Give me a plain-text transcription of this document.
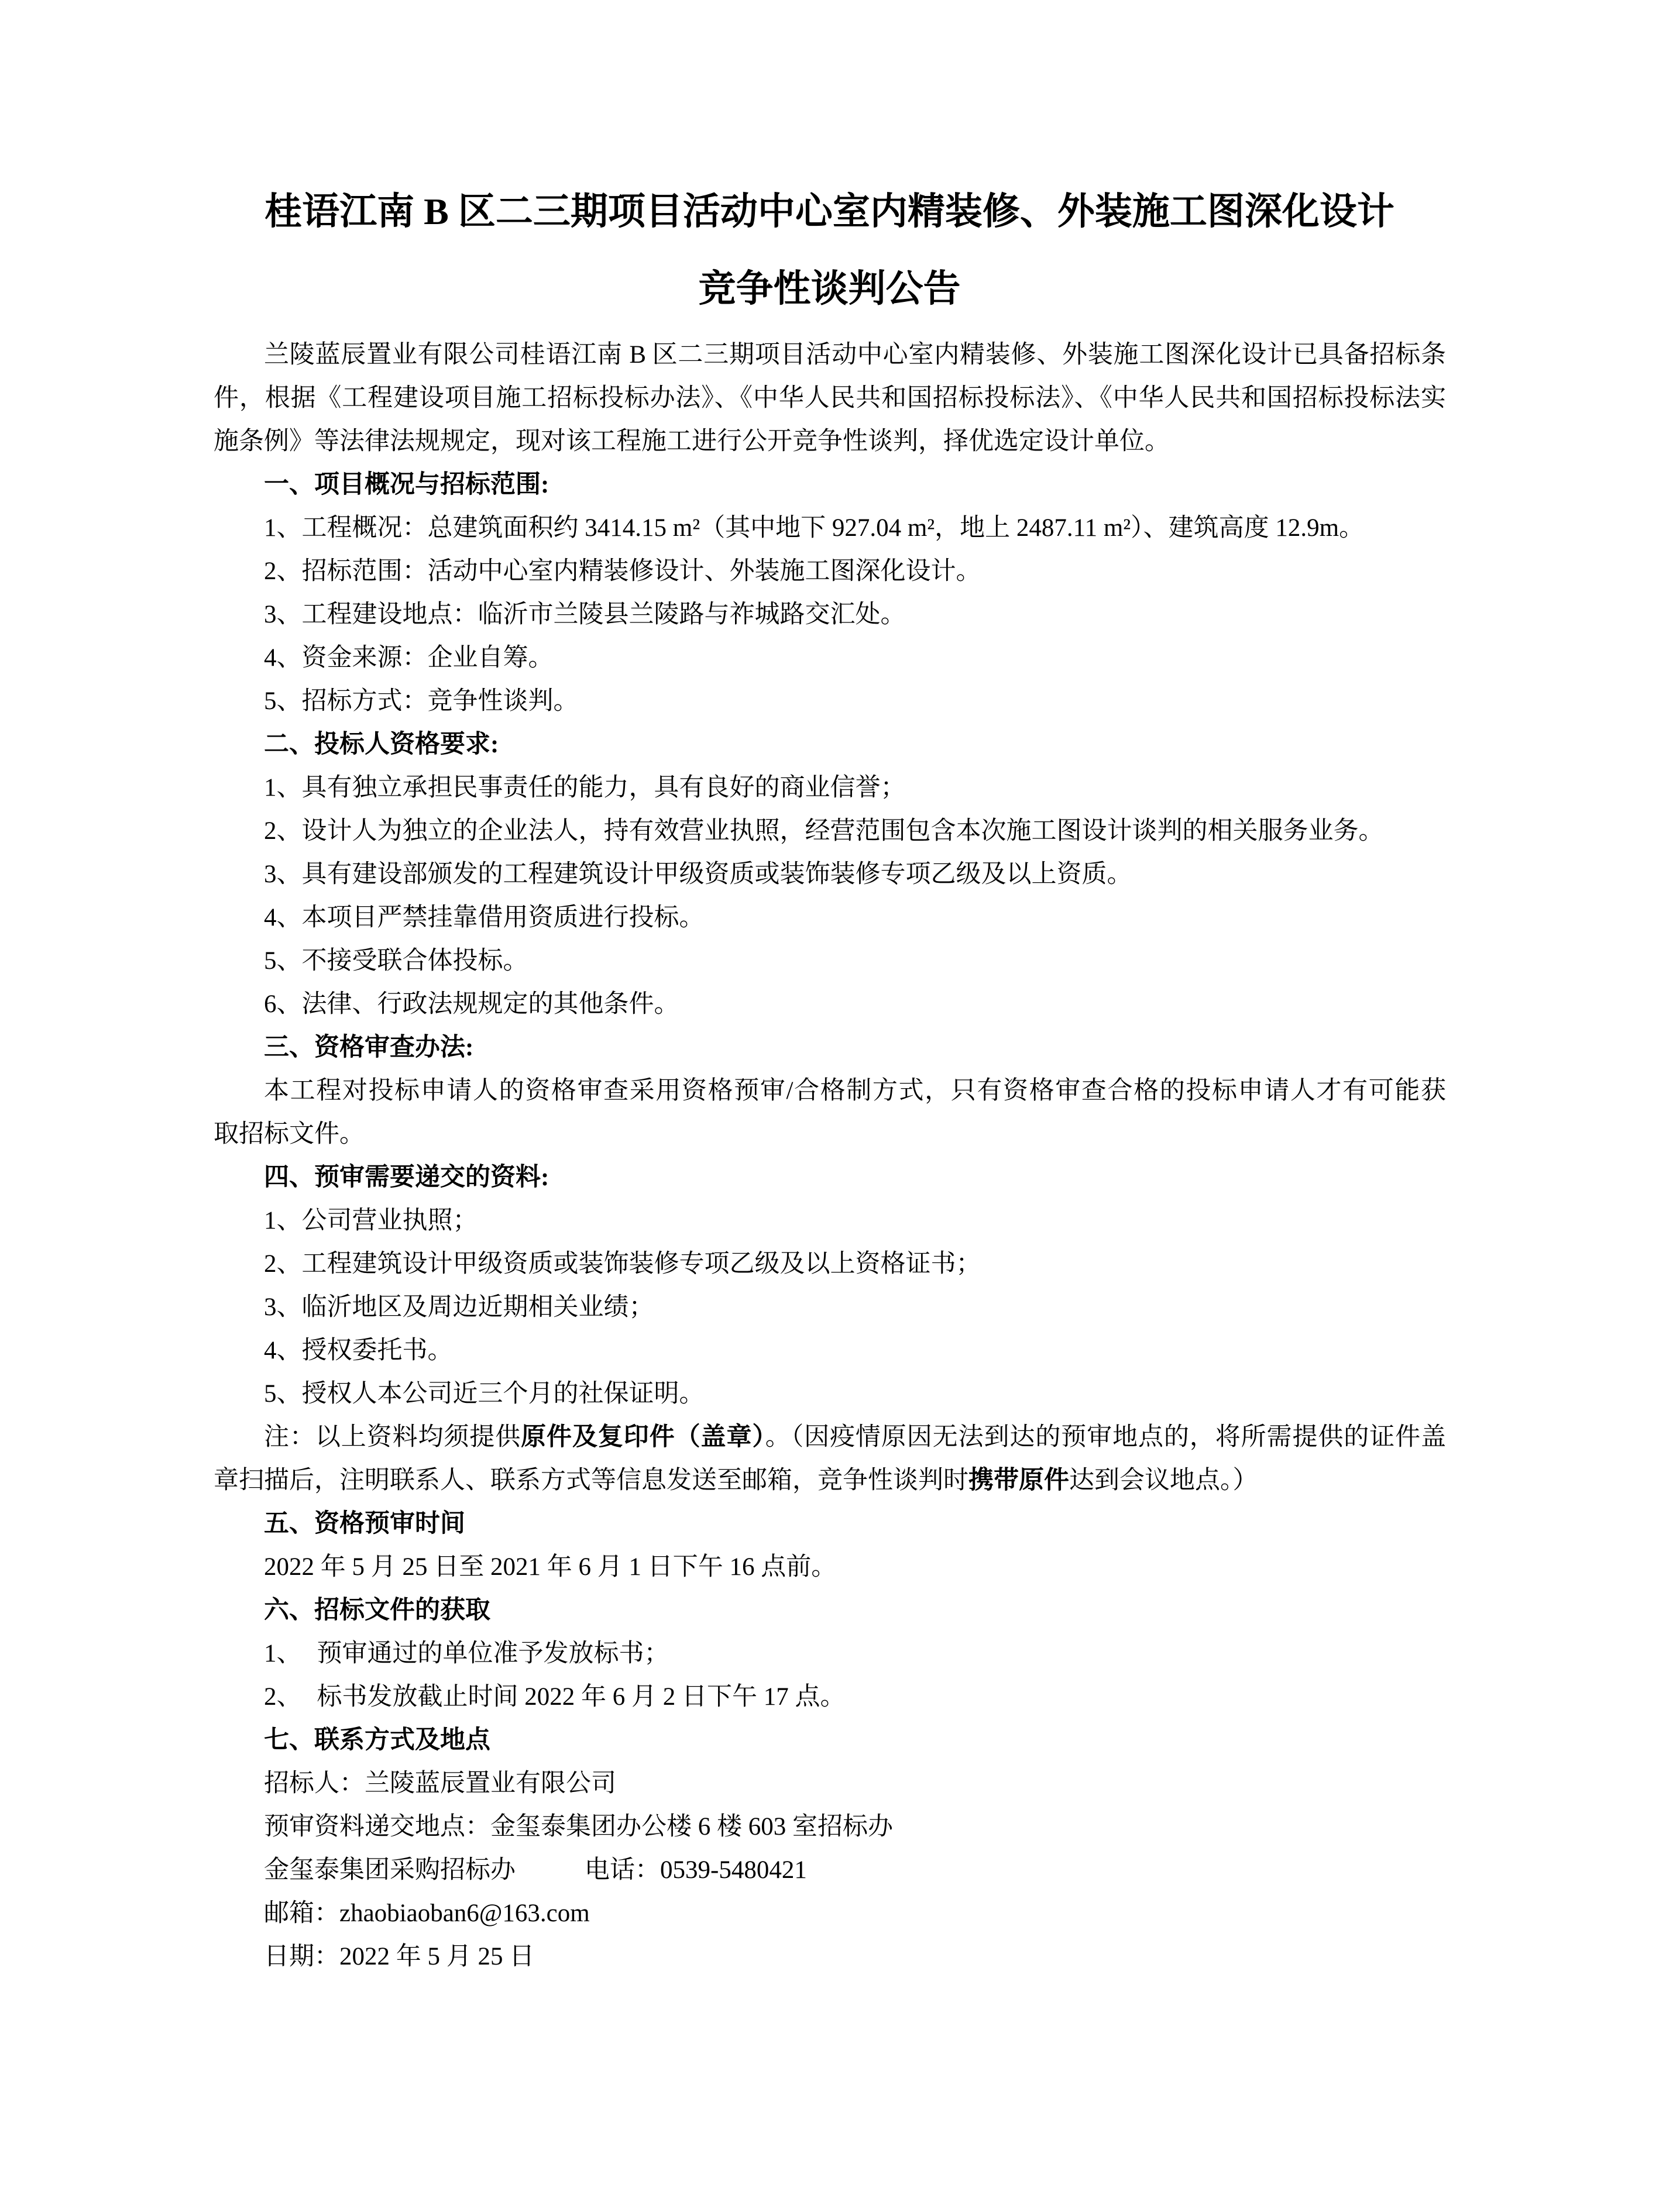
桂语江南 B 区二三期项目活动中心室内精装修、外装施工图深化设计
竞争性谈判公告
兰陵蓝辰置业有限公司桂语江南 B 区二三期项目活动中心室内精装修、外装施工图深化设计已具备招标条
件，根据《工程建设项目施工招标投标办法》、《中华人民共和国招标投标法》、《中华人民共和国招标投标法实
施条例》等法律法规规定，现对该工程施工进行公开竞争性谈判，择优选定设计单位。
一、项目概况与招标范围:
1、工程概况：总建筑面积约 3414.15 m²（其中地下 927.04 m²，地上 2487.11 m²）、建筑高度 12.9m。
2、招标范围：活动中心室内精装修设计、外装施工图深化设计。
3、工程建设地点：临沂市兰陵县兰陵路与祚城路交汇处。
4、资金来源：企业自筹。
5、招标方式：竞争性谈判。
二、投标人资格要求:
1、具有独立承担民事责任的能力，具有良好的商业信誉；
2、设计人为独立的企业法人，持有效营业执照，经营范围包含本次施工图设计谈判的相关服务业务。
3、具有建设部颁发的工程建筑设计甲级资质或装饰装修专项乙级及以上资质。
4、本项目严禁挂靠借用资质进行投标。
5、不接受联合体投标。
6、法律、行政法规规定的其他条件。
三、资格审查办法:
本工程对投标申请人的资格审查采用资格预审/合格制方式，只有资格审查合格的投标申请人才有可能获
取招标文件。
四、预审需要递交的资料:
1、公司营业执照；
2、工程建筑设计甲级资质或装饰装修专项乙级及以上资格证书；
3、临沂地区及周边近期相关业绩；
4、授权委托书。
5、授权人本公司近三个月的社保证明。
注：以上资料均须提供原件及复印件（盖章）。（因疫情原因无法到达的预审地点的，将所需提供的证件盖
章扫描后，注明联系人、联系方式等信息发送至邮箱，竞争性谈判时携带原件达到会议地点。）
五、资格预审时间
2022 年 5 月 25 日至 2021 年 6 月 1 日下午 16 点前。
六、招标文件的获取
1、 预审通过的单位准予发放标书；
2、 标书发放截止时间 2022 年 6 月 2 日下午 17 点。
七、联系方式及地点
招标人：兰陵蓝辰置业有限公司
预审资料递交地点：金玺泰集团办公楼 6 楼 603 室招标办
金玺泰集团采购招标办	电话：0539-5480421
邮箱：zhaobiaoban6@163.com
日期：2022 年 5 月 25 日
